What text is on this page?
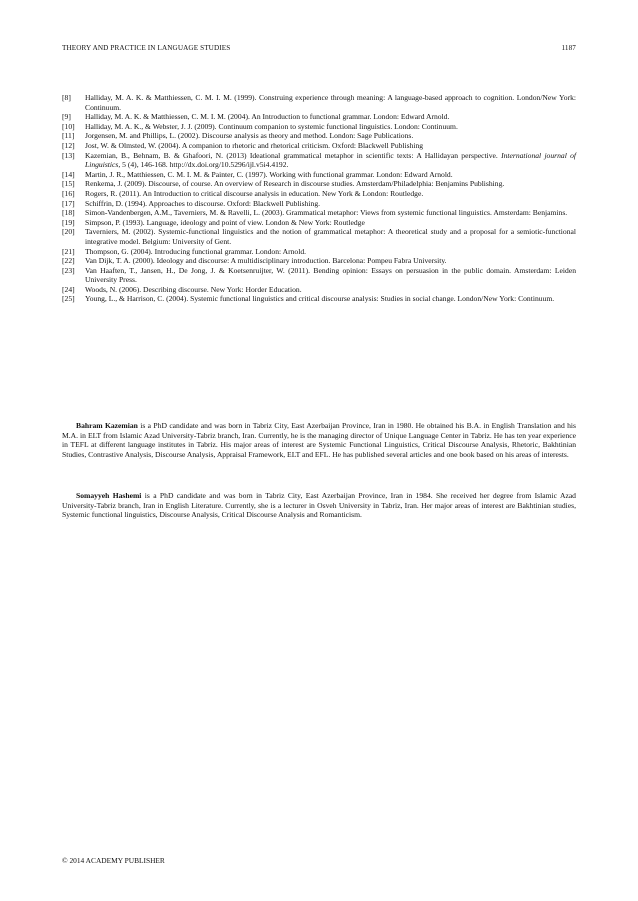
THEORY AND PRACTICE IN LANGUAGE STUDIES	1187
[8] Halliday, M. A. K. & Matthiessen, C. M. I. M. (1999). Construing experience through meaning: A language-based approach to cognition. London/New York: Continuum.
[9] Halliday, M. A. K. & Matthiessen, C. M. I. M. (2004). An Introduction to functional grammar. London: Edward Arnold.
[10] Halliday, M. A. K., & Webster, J. J. (2009). Continuum companion to systemic functional linguistics. London: Continuum.
[11] Jorgensen, M. and Phillips, L. (2002). Discourse analysis as theory and method. London: Sage Publications.
[12] Jost, W. & Olmsted, W. (2004). A companion to rhetoric and rhetorical criticism. Oxford: Blackwell Publishing
[13] Kazemian, B., Behnam, B. & Ghafoori, N. (2013) Ideational grammatical metaphor in scientific texts: A Hallidayan perspective. International journal of Linguistics, 5 (4), 146-168. http://dx.doi.org/10.5296/ijl.v5i4.4192.
[14] Martin, J. R., Matthiessen, C. M. I. M. & Painter, C. (1997). Working with functional grammar. London: Edward Arnold.
[15] Renkema, J. (2009). Discourse, of course. An overview of Research in discourse studies. Amsterdam/Philadelphia: Benjamins Publishing.
[16] Rogers, R. (2011). An Introduction to critical discourse analysis in education. New York & London: Routledge.
[17] Schiffrin, D. (1994). Approaches to discourse. Oxford: Blackwell Publishing.
[18] Simon-Vandenbergen, A.M., Taverniers, M. & Ravelli, L. (2003). Grammatical metaphor: Views from systemic functional linguistics. Amsterdam: Benjamins.
[19] Simpson, P. (1993). Language, ideology and point of view. London & New York: Routledge
[20] Taverniers, M. (2002). Systemic-functional linguistics and the notion of grammatical metaphor: A theoretical study and a proposal for a semiotic-functional integrative model. Belgium: University of Gent.
[21] Thompson, G. (2004). Introducing functional grammar. London: Arnold.
[22] Van Dijk, T. A. (2000). Ideology and discourse: A multidisciplinary introduction. Barcelona: Pompeu Fabra University.
[23] Van Haaften, T., Jansen, H., De Jong, J. & Koetsenruijter, W. (2011). Bending opinion: Essays on persuasion in the public domain. Amsterdam: Leiden University Press.
[24] Woods, N. (2006). Describing discourse. New York: Horder Education.
[25] Young, L., & Harrison, C. (2004). Systemic functional linguistics and critical discourse analysis: Studies in social change. London/New York: Continuum.

Bahram Kazemian is a PhD candidate and was born in Tabriz City, East Azerbaijan Province, Iran in 1980. He obtained his B.A. in English Translation and his M.A. in ELT from Islamic Azad University-Tabriz branch, Iran. Currently, he is the managing director of Unique Language Center in Tabriz. He has ten year experience in TEFL at different language institutes in Tabriz. His major areas of interest are Systemic Functional Linguistics, Critical Discourse Analysis, Rhetoric, Bakhtinian Studies, Contrastive Analysis, Discourse Analysis, Appraisal Framework, ELT and EFL. He has published several articles and one book based on his areas of interests.

Somayyeh Hashemi is a PhD candidate and was born in Tabriz City, East Azerbaijan Province, Iran in 1984. She received her degree from Islamic Azad University-Tabriz branch, Iran in English Literature. Currently, she is a lecturer in Osveh University in Tabriz, Iran. Her major areas of interest are Bakhtinian studies, Systemic functional linguistics, Discourse Analysis, Critical Discourse Analysis and Romanticism.

© 2014 ACADEMY PUBLISHER
